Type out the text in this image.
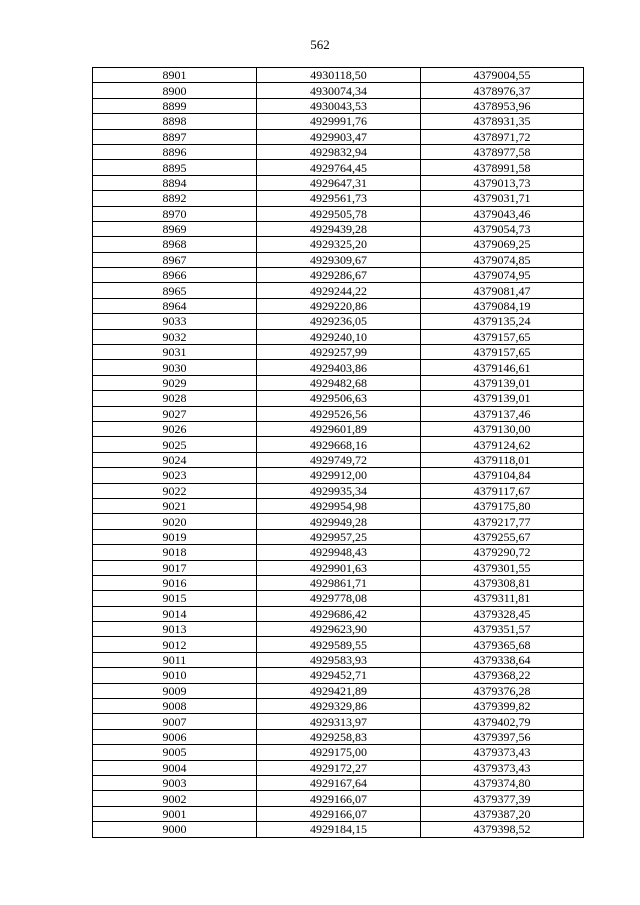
562
8901	4930118,50	4379004,55
8900	4930074,34	4378976,37
8899	4930043,53	4378953,96
8898	4929991,76	4378931,35
8897	4929903,47	4378971,72
8896	4929832,94	4378977,58
8895	4929764,45	4378991,58
8894	4929647,31	4379013,73
8892	4929561,73	4379031,71
8970	4929505,78	4379043,46
8969	4929439,28	4379054,73
8968	4929325,20	4379069,25
8967	4929309,67	4379074,85
8966	4929286,67	4379074,95
8965	4929244,22	4379081,47
8964	4929220,86	4379084,19
9033	4929236,05	4379135,24
9032	4929240,10	4379157,65
9031	4929257,99	4379157,65
9030	4929403,86	4379146,61
9029	4929482,68	4379139,01
9028	4929506,63	4379139,01
9027	4929526,56	4379137,46
9026	4929601,89	4379130,00
9025	4929668,16	4379124,62
9024	4929749,72	4379118,01
9023	4929912,00	4379104,84
9022	4929935,34	4379117,67
9021	4929954,98	4379175,80
9020	4929949,28	4379217,77
9019	4929957,25	4379255,67
9018	4929948,43	4379290,72
9017	4929901,63	4379301,55
9016	4929861,71	4379308,81
9015	4929778,08	4379311,81
9014	4929686,42	4379328,45
9013	4929623,90	4379351,57
9012	4929589,55	4379365,68
9011	4929583,93	4379338,64
9010	4929452,71	4379368,22
9009	4929421,89	4379376,28
9008	4929329,86	4379399,82
9007	4929313,97	4379402,79
9006	4929258,83	4379397,56
9005	4929175,00	4379373,43
9004	4929172,27	4379373,43
9003	4929167,64	4379374,80
9002	4929166,07	4379377,39
9001	4929166,07	4379387,20
9000	4929184,15	4379398,52
